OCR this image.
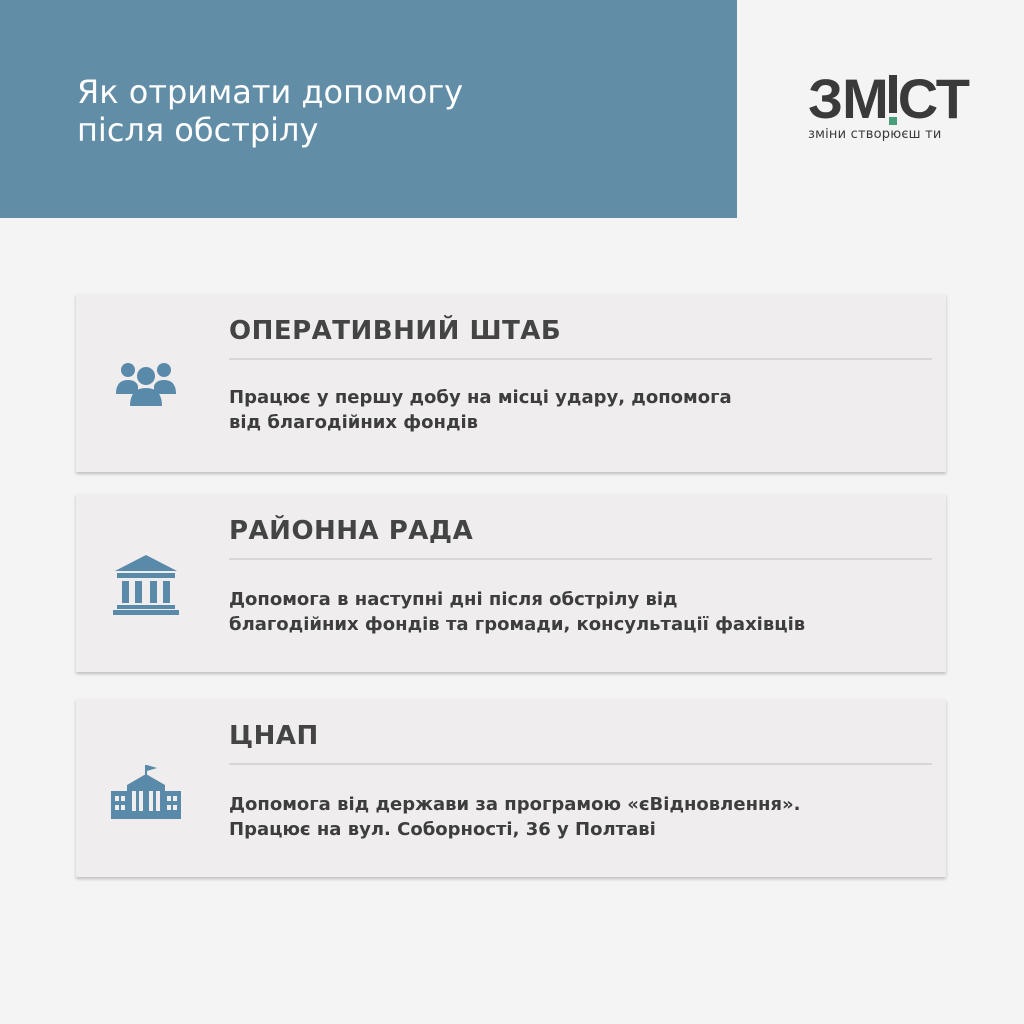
Як отримати допомогу
після обстрілу	ЗМ СТ
зміни створюєш ти
ОПЕРАТИВНИЙ ШТАБ
Працює у першу добу на місці удару, допомога
від благодійних фондів
РАЙОННА РАДА
Допомога в наступні дні після обстрілу від
благодійних фондів та громади, консультації фахівців
ЦНАП
Допомога від держави за програмою «єВідновлення».
Працює на вул. Соборності, 36 у Полтаві
